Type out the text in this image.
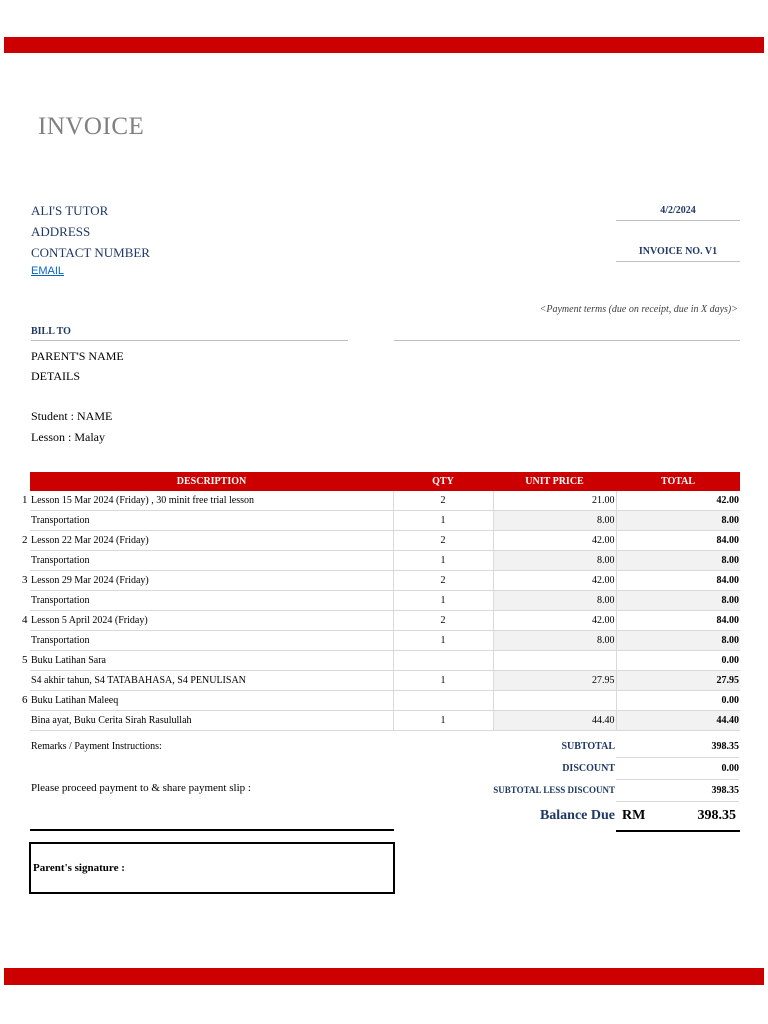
INVOICE
ALI'S TUTOR
ADDRESS
CONTACT NUMBER
EMAIL
4/2/2024
INVOICE NO. V1
<Payment terms (due on receipt, due in X days)>
BILL TO
PARENT'S NAME
DETAILS
Student : NAME
Lesson : Malay
DESCRIPTION	QTY	UNIT PRICE	TOTAL

1 Lesson 15 Mar 2024 (Friday) , 30 minit free trial lesson	2	21.00	42.00

Transportation	1	8.00	8.00

2 Lesson 22 Mar 2024 (Friday)	2	42.00	84.00

Transportation	1	8.00	8.00

3 Lesson 29 Mar 2024 (Friday)	2	42.00	84.00

Transportation	1	8.00	8.00

4 Lesson 5 April 2024 (Friday)	2	42.00	84.00

Transportation	1	8.00	8.00

5 Buku Latihan Sara			0.00

S4 akhir tahun, S4 TATABAHASA, S4 PENULISAN	1	27.95	27.95

6 Buku Latihan Maleeq			0.00

Bina ayat, Buku Cerita Sirah Rasulullah	1	44.40	44.40
Remarks / Payment Instructions:
Please proceed payment to & share payment slip :
SUBTOTAL	398.35
DISCOUNT	0.00
SUBTOTAL LESS DISCOUNT	398.35
Balance Due RM	398.35
Parent's signature :
